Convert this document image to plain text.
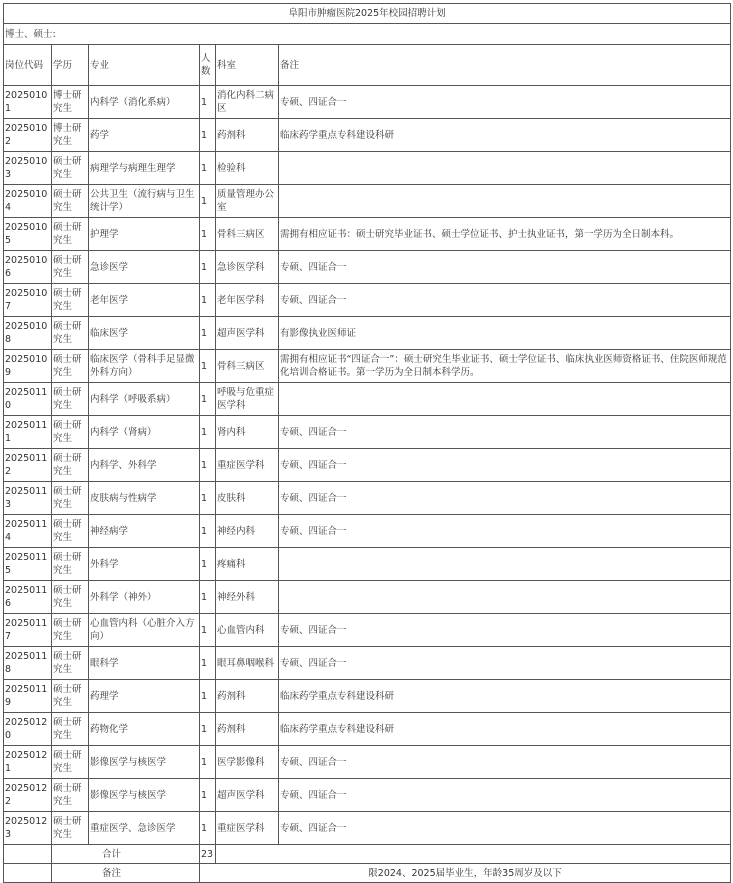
阜阳市肿瘤医院2025年校园招聘计划					
博士、硕士:					
岗位代码	学历	专业	人数	科室	备注
20250101	博士研究生	内科学（消化系病）	1	消化内科二病区	专硕、四证合一
20250102	博士研究生	药学	1	药剂科	临床药学重点专科建设科研
20250103	硕士研究生	病理学与病理生理学	1	检验科	
20250104	硕士研究生	公共卫生（流行病与卫生统计学）	1	质量管理办公室	
20250105	硕士研究生	护理学	1	骨科三病区	需拥有相应证书：硕士研究毕业证书、硕士学位证书、护士执业证书，第一学历为全日制本科。
20250106	硕士研究生	急诊医学	1	急诊医学科	专硕、四证合一
20250107	硕士研究生	老年医学	1	老年医学科	专硕、四证合一
20250108	硕士研究生	临床医学	1	超声医学科	有影像执业医师证
20250109	硕士研究生	临床医学（骨科手足显微外科方向）	1	骨科三病区	需拥有相应证书“四证合一”：硕士研究生毕业证书、硕士学位证书、临床执业医师资格证书、住院医师规范化培训合格证书。第一学历为全日制本科学历。
20250110	硕士研究生	内科学（呼吸系病）	1	呼吸与危重症医学科	
20250111	硕士研究生	内科学（肾病）	1	肾内科	专硕、四证合一
20250112	硕士研究生	内科学、外科学	1	重症医学科	专硕、四证合一
20250113	硕士研究生	皮肤病与性病学	1	皮肤科	专硕、四证合一
20250114	硕士研究生	神经病学	1	神经内科	专硕、四证合一
20250115	硕士研究生	外科学	1	疼痛科	
20250116	硕士研究生	外科学（神外）	1	神经外科	
20250117	硕士研究生	心血管内科（心脏介入方向）	1	心血管内科	专硕、四证合一
20250118	硕士研究生	眼科学	1	眼耳鼻咽喉科	专硕、四证合一
20250119	硕士研究生	药理学	1	药剂科	临床药学重点专科建设科研
20250120	硕士研究生	药物化学	1	药剂科	临床药学重点专科建设科研
20250121	硕士研究生	影像医学与核医学	1	医学影像科	专硕、四证合一
20250122	硕士研究生	影像医学与核医学	1	超声医学科	专硕、四证合一
20250123	硕士研究生	重症医学、急诊医学	1	重症医学科	专硕、四证合一
	合计		23		
	备注		限2024、2025届毕业生，年龄35周岁及以下		
